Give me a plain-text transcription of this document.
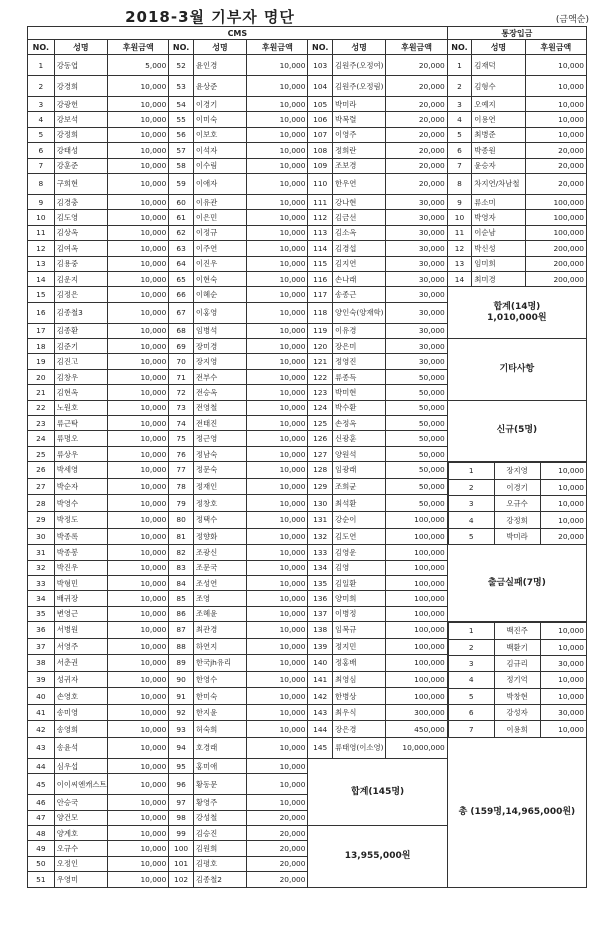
2018-3월 기부자 명단	(금액순)
CMS	통장입금
NO.	성명	후원금액	NO.	성명	후원금액	NO.	성명	후원금액	NO.	성명	후원금액
1	강동엽	5,000	52	윤인경	10,000	103	김원주(오정여)	20,000	1	김재덕	10,000
2	강경희	10,000	53	윤상준	10,000	104	김원주(오정림)	20,000	2	김형수	10,000
3	강광헌	10,000	54	이경기	10,000	105	박미라	20,000	3	오예지	10,000
4	강보석	10,000	55	이미숙	10,000	106	박복렬	20,000	4	이용연	10,000
5	강정희	10,000	56	이보호	10,000	107	이영주	20,000	5	최병준	10,000
6	강태성	10,000	57	이석자	10,000	108	정희란	20,000	6	박종원	20,000
7	강훈준	10,000	58	이수림	10,000	109	조보경	20,000	7	윤승자	20,000
8	구희현	10,000	59	이애자	10,000	110	한우연	20,000	8	차지연/차남철	20,000
9	김경충	10,000	60	이유관	10,000	111	강나현	30,000	9	류소미	100,000
10	김도영	10,000	61	이은민	10,000	112	김금선	30,000	10	박영자	100,000
11	김상옥	10,000	62	이정규	10,000	113	김소옥	30,000	11	이순남	100,000
12	김여옥	10,000	63	이주연	10,000	114	김경섭	30,000	12	박신성	200,000
13	김용중	10,000	64	이진우	10,000	115	김지연	30,000	13	임미희	200,000
14	김운지	10,000	65	이현숙	10,000	116	손나래	30,000	14	최미경	200,000
15	김정은	10,000	66	이혜순	10,000	117	송종근	30,000	
합계(14명)
1,010,000원

16	김종철3	10,000	67	이홍영	10,000	118	양인숙(양재학)	30,000
17	김종환	10,000	68	임병석	10,000	119	이유경	30,000
18	김준기	10,000	69	장미경	10,000	120	장은미	30,000	
기타사항

19	김진고	10,000	70	장지영	10,000	121	정영진	30,000
20	김창우	10,000	71	전부수	10,000	122	류종득	50,000
21	김현옥	10,000	72	전승옥	10,000	123	박미현	50,000
22	노원호	10,000	73	전영철	10,000	124	박수환	50,000	
신규(5명)

23	류근탁	10,000	74	전태진	10,000	125	손정옥	50,000
24	류명오	10,000	75	정근영	10,000	126	신광훈	50,000
25	류상우	10,000	76	정남숙	10,000	127	양원석	50,000
26	박세영	10,000	77	정문숙	10,000	128	임광래	50,000		1	장지영	10,000
2	이경기	10,000
3	오규수	10,000
4	강정희	10,000
5	박미라	20,000

27	박순자	10,000	78	정재인	10,000	129	조희균	50,000
28	박영수	10,000	79	정창호	10,000	130	최석환	50,000
29	박정도	10,000	80	정택수	10,000	131	강순이	100,000
30	박종록	10,000	81	정향화	10,000	132	김도연	100,000
31	박종봉	10,000	82	조광신	10,000	133	김영운	100,000	출금실패(7명)
32	박진우	10,000	83	조문국	10,000	134	김영	100,000
33	박형민	10,000	84	조성연	10,000	135	김일환	100,000
34	배귀장	10,000	85	조영	10,000	136	양미희	100,000
35	변영근	10,000	86	조혜윤	10,000	137	이병정	100,000
36	서병원	10,000	87	최관경	10,000	138	임복규	100,000		1	백진주	10,000
2	백환기	10,000
3	김규리	30,000
4	정기억	10,000
5	박창현	10,000
6	강성자	30,000
7	이용희	10,000

37	서영주	10,000	88	하연지	10,000	139	정지민	100,000
38	서춘권	10,000	89	한국jh유리	10,000	140	정홍배	100,000
39	성귀자	10,000	90	한영수	10,000	141	최영심	100,000
40	손영호	10,000	91	한미숙	10,000	142	한병상	100,000
41	송미영	10,000	92	한지윤	10,000	143	최우식	300,000
42	송영희	10,000	93	허숙희	10,000	144	장은경	450,000
43	송윤석	10,000	94	호경래	10,000	145	류태영(이소영)	10,000,000	총 (159명,14,965,000원)
44	심우섭	10,000	95	홍미애	10,000	합계(145명)
45	이이씨엔캐스트	10,000	96	황동문	10,000
46	안승국	10,000	97	황영주	10,000
47	양건모	10,000	98	강성철	20,000
48	양계호	10,000	99	김승진	20,000	13,955,000원
49	오규수	10,000	100	김원희	20,000
50	오정인	10,000	101	김평호	20,000
51	우영미	10,000	102	김종철2	20,000
